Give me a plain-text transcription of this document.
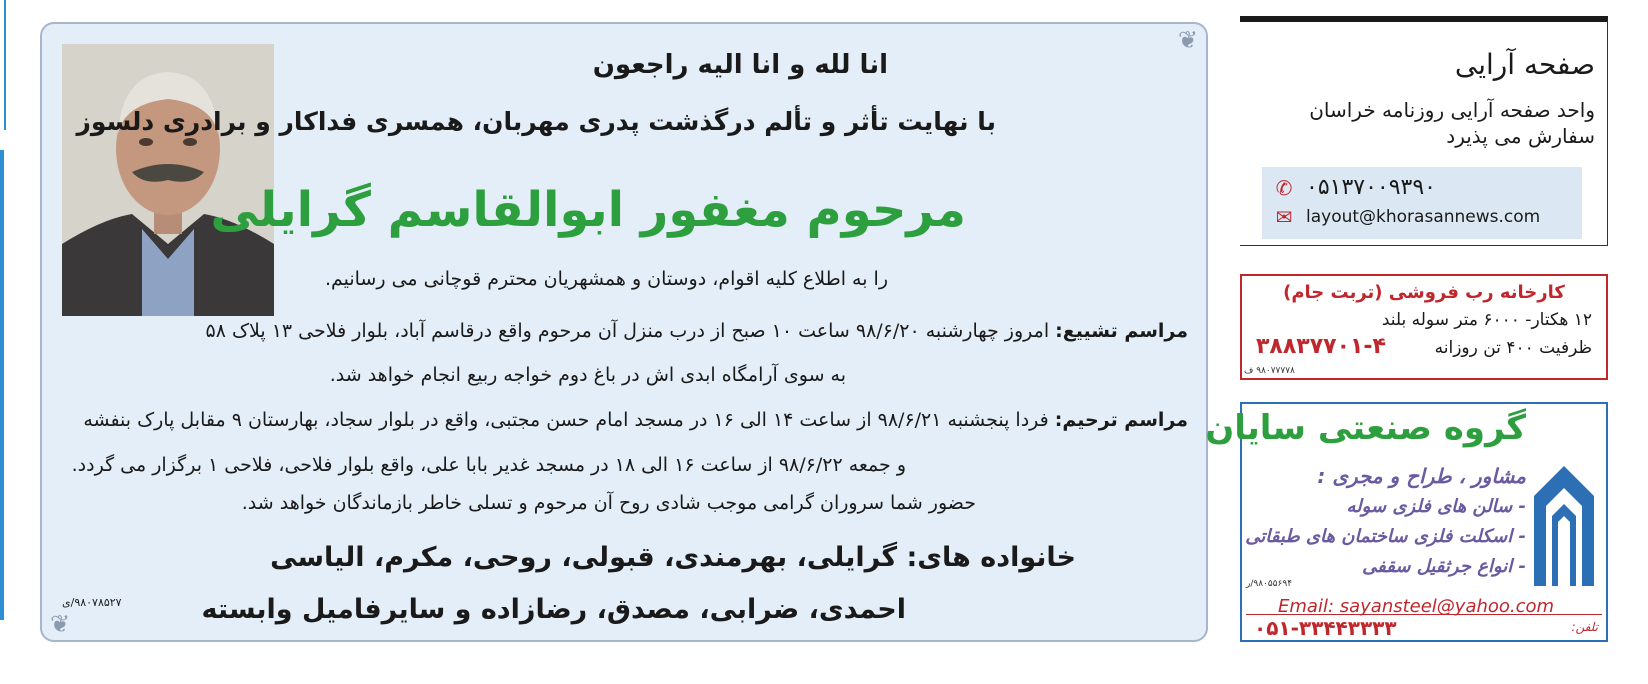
❦
❦
انا لله و انا الیه راجعون
با نهایت تأثر و تألم درگذشت پدری مهربان، همسری فداکار و برادری دلسوز
مرحوم مغفور ابوالقاسم گرایلی
را به اطلاع کلیه اقوام، دوستان و همشهریان محترم قوچانی می رسانیم.
مراسم تشییع: امروز چهارشنبه ۹۸/۶/۲۰ ساعت ۱۰ صبح از درب منزل آن مرحوم واقع درقاسم آباد، بلوار فلاحی ۱۳ پلاک ۵۸
به سوی آرامگاه ابدی اش در باغ دوم خواجه ربیع انجام خواهد شد.
مراسم ترحیم: فردا پنجشنبه ۹۸/۶/۲۱ از ساعت ۱۴ الی ۱۶ در مسجد امام حسن مجتبی، واقع در بلوار سجاد، بهارستان ۹ مقابل پارک بنفشه
و جمعه ۹۸/۶/۲۲ از ساعت ۱۶ الی ۱۸ در مسجد غدیر بابا علی، واقع بلوار فلاحی، فلاحی ۱ برگزار می گردد.
حضور شما سروران گرامی موجب شادی روح آن مرحوم و تسلی خاطر بازماندگان خواهد شد.
خانواده های: گرایلی، بهرمندی، قبولی، روحی، مکرم، الیاسی
احمدی، ضرابی، مصدق، رضازاده و سایرفامیل وابسته
۹۸۰۷۸۵۲۷/ی
صفحه آرایی
واحد صفحه آرایی روزنامه خراسان
سفارش می پذیرد
✆ ۰۵۱۳۷۰۰۹۳۹۰
✉ layout@khorasannews.com
کارخانه رب فروشی (تربت جام)
۱۲ هکتار- ۶۰۰۰ متر سوله بلند
ظرفیت ۴۰۰ تن روزانه
۳۸۸۳۷۷۰۱-۴
۹۸۰۷۷۷۷۸ ف
گروه صنعتی سایان
مشاور ، طراح و مجری :
- سالن های فلزی سوله
- اسکلت فلزی ساختمان های طبقاتی
- انواع جرثقیل سقفی
۹۸۰۵۵۶۹۴/ر
Email: sayansteel@yahoo.com
تلفن:
۰۵۱-۳۳۴۴۳۳۳۳
